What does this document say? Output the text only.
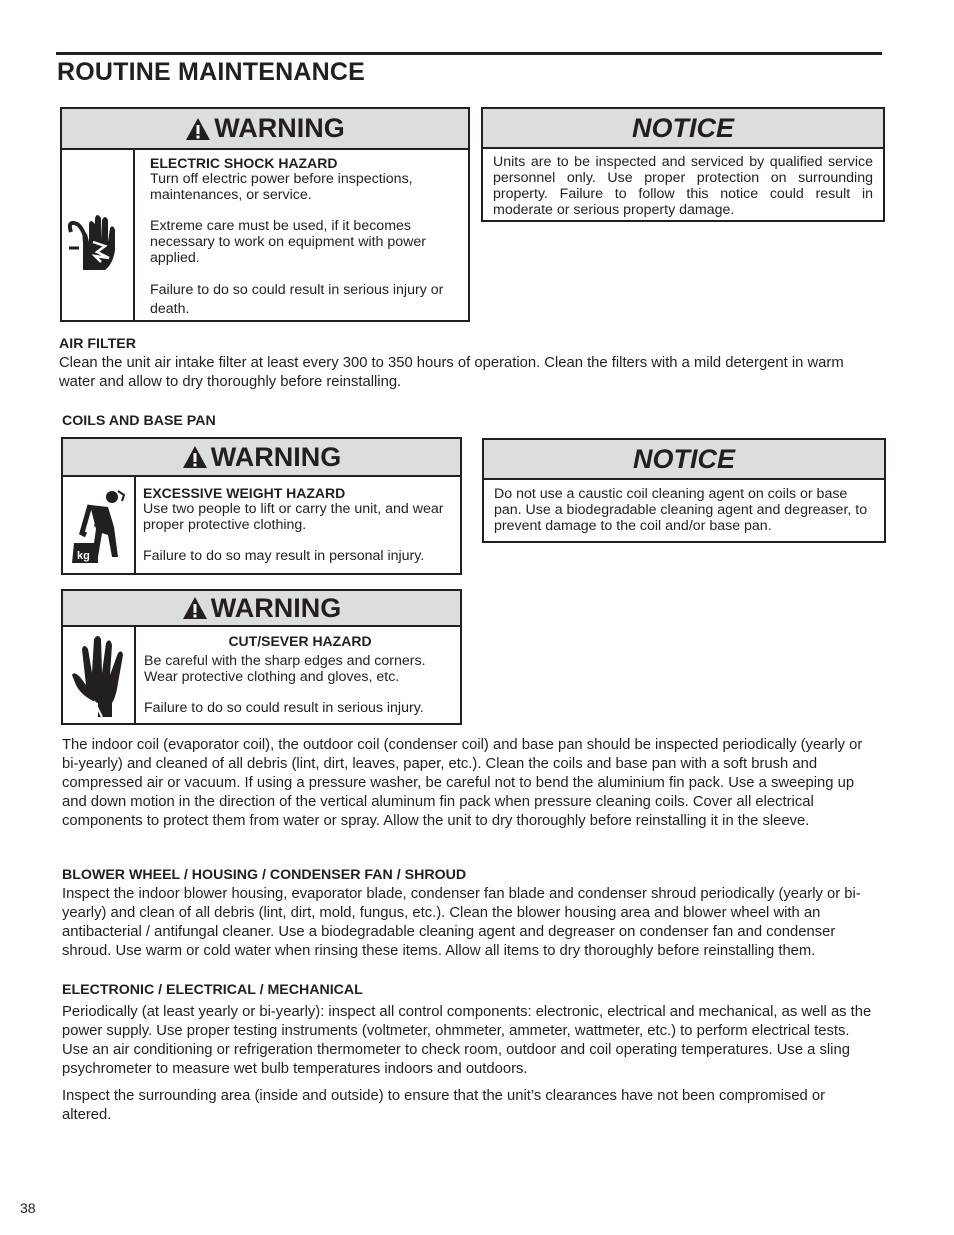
ROUTINE MAINTENANCE
WARNING
ELECTRIC SHOCK HAZARD

Turn off electric power before inspections, maintenances, or service.

Extreme care must be used, if it becomes necessary to work on equipment with power applied.

Failure to do so could result in serious injury or death.

NOTICE
Units are to be inspected and serviced by qualified service personnel only. Use proper protection on surrounding property. Failure to follow this notice could result in moderate or serious property damage.
AIR FILTER
Clean the unit air intake filter at least every 300 to 350 hours of operation. Clean the filters with a mild detergent in warm water and allow to dry thoroughly before reinstalling.
COILS AND BASE PAN
WARNING
kg
EXCESSIVE WEIGHT HAZARD

Use two people to lift or carry the unit, and wear proper protective clothing.

Failure to do so may result in personal injury.

NOTICE
Do not use a caustic coil cleaning agent on coils or base pan. Use a biodegradable cleaning agent and degreaser, to prevent damage to the coil and/or base pan.
WARNING
CUT/SEVER HAZARD

Be careful with the sharp edges and corners. Wear protective clothing and gloves, etc.

Failure to do so could result in serious injury.

The indoor coil (evaporator coil), the outdoor coil (condenser coil) and base pan should be inspected periodically (yearly or bi-yearly) and cleaned of all debris (lint, dirt, leaves, paper, etc.). Clean the coils and base pan with a soft brush and compressed air or vacuum. If using a pressure washer, be careful not to bend the aluminium fin pack. Use a sweeping up and down motion in the direction of the vertical aluminum fin pack when pressure cleaning coils. Cover all electrical components to protect them from water or spray. Allow the unit to dry thoroughly before reinstalling it in the sleeve.
BLOWER WHEEL / HOUSING / CONDENSER FAN / SHROUD
Inspect the indoor blower housing, evaporator blade, condenser fan blade and condenser shroud periodically (yearly or bi-yearly) and clean of all debris (lint, dirt, mold, fungus, etc.). Clean the blower housing area and blower wheel with an antibacterial / antifungal cleaner. Use a biodegradable cleaning agent and degreaser on condenser fan and condenser shroud. Use warm or cold water when rinsing these items. Allow all items to dry thoroughly before reinstalling them.
ELECTRONIC / ELECTRICAL / MECHANICAL
Periodically (at least yearly or bi-yearly): inspect all control components: electronic, electrical and mechanical, as well as the power supply. Use proper testing instruments (voltmeter, ohmmeter, ammeter, wattmeter, etc.) to perform electrical tests. Use an air conditioning or refrigeration thermometer to check room, outdoor and coil operating temperatures. Use a sling psychrometer to measure wet bulb temperatures indoors and outdoors.
Inspect the surrounding area (inside and outside) to ensure that the unit’s clearances have not been compromised or altered.
38
